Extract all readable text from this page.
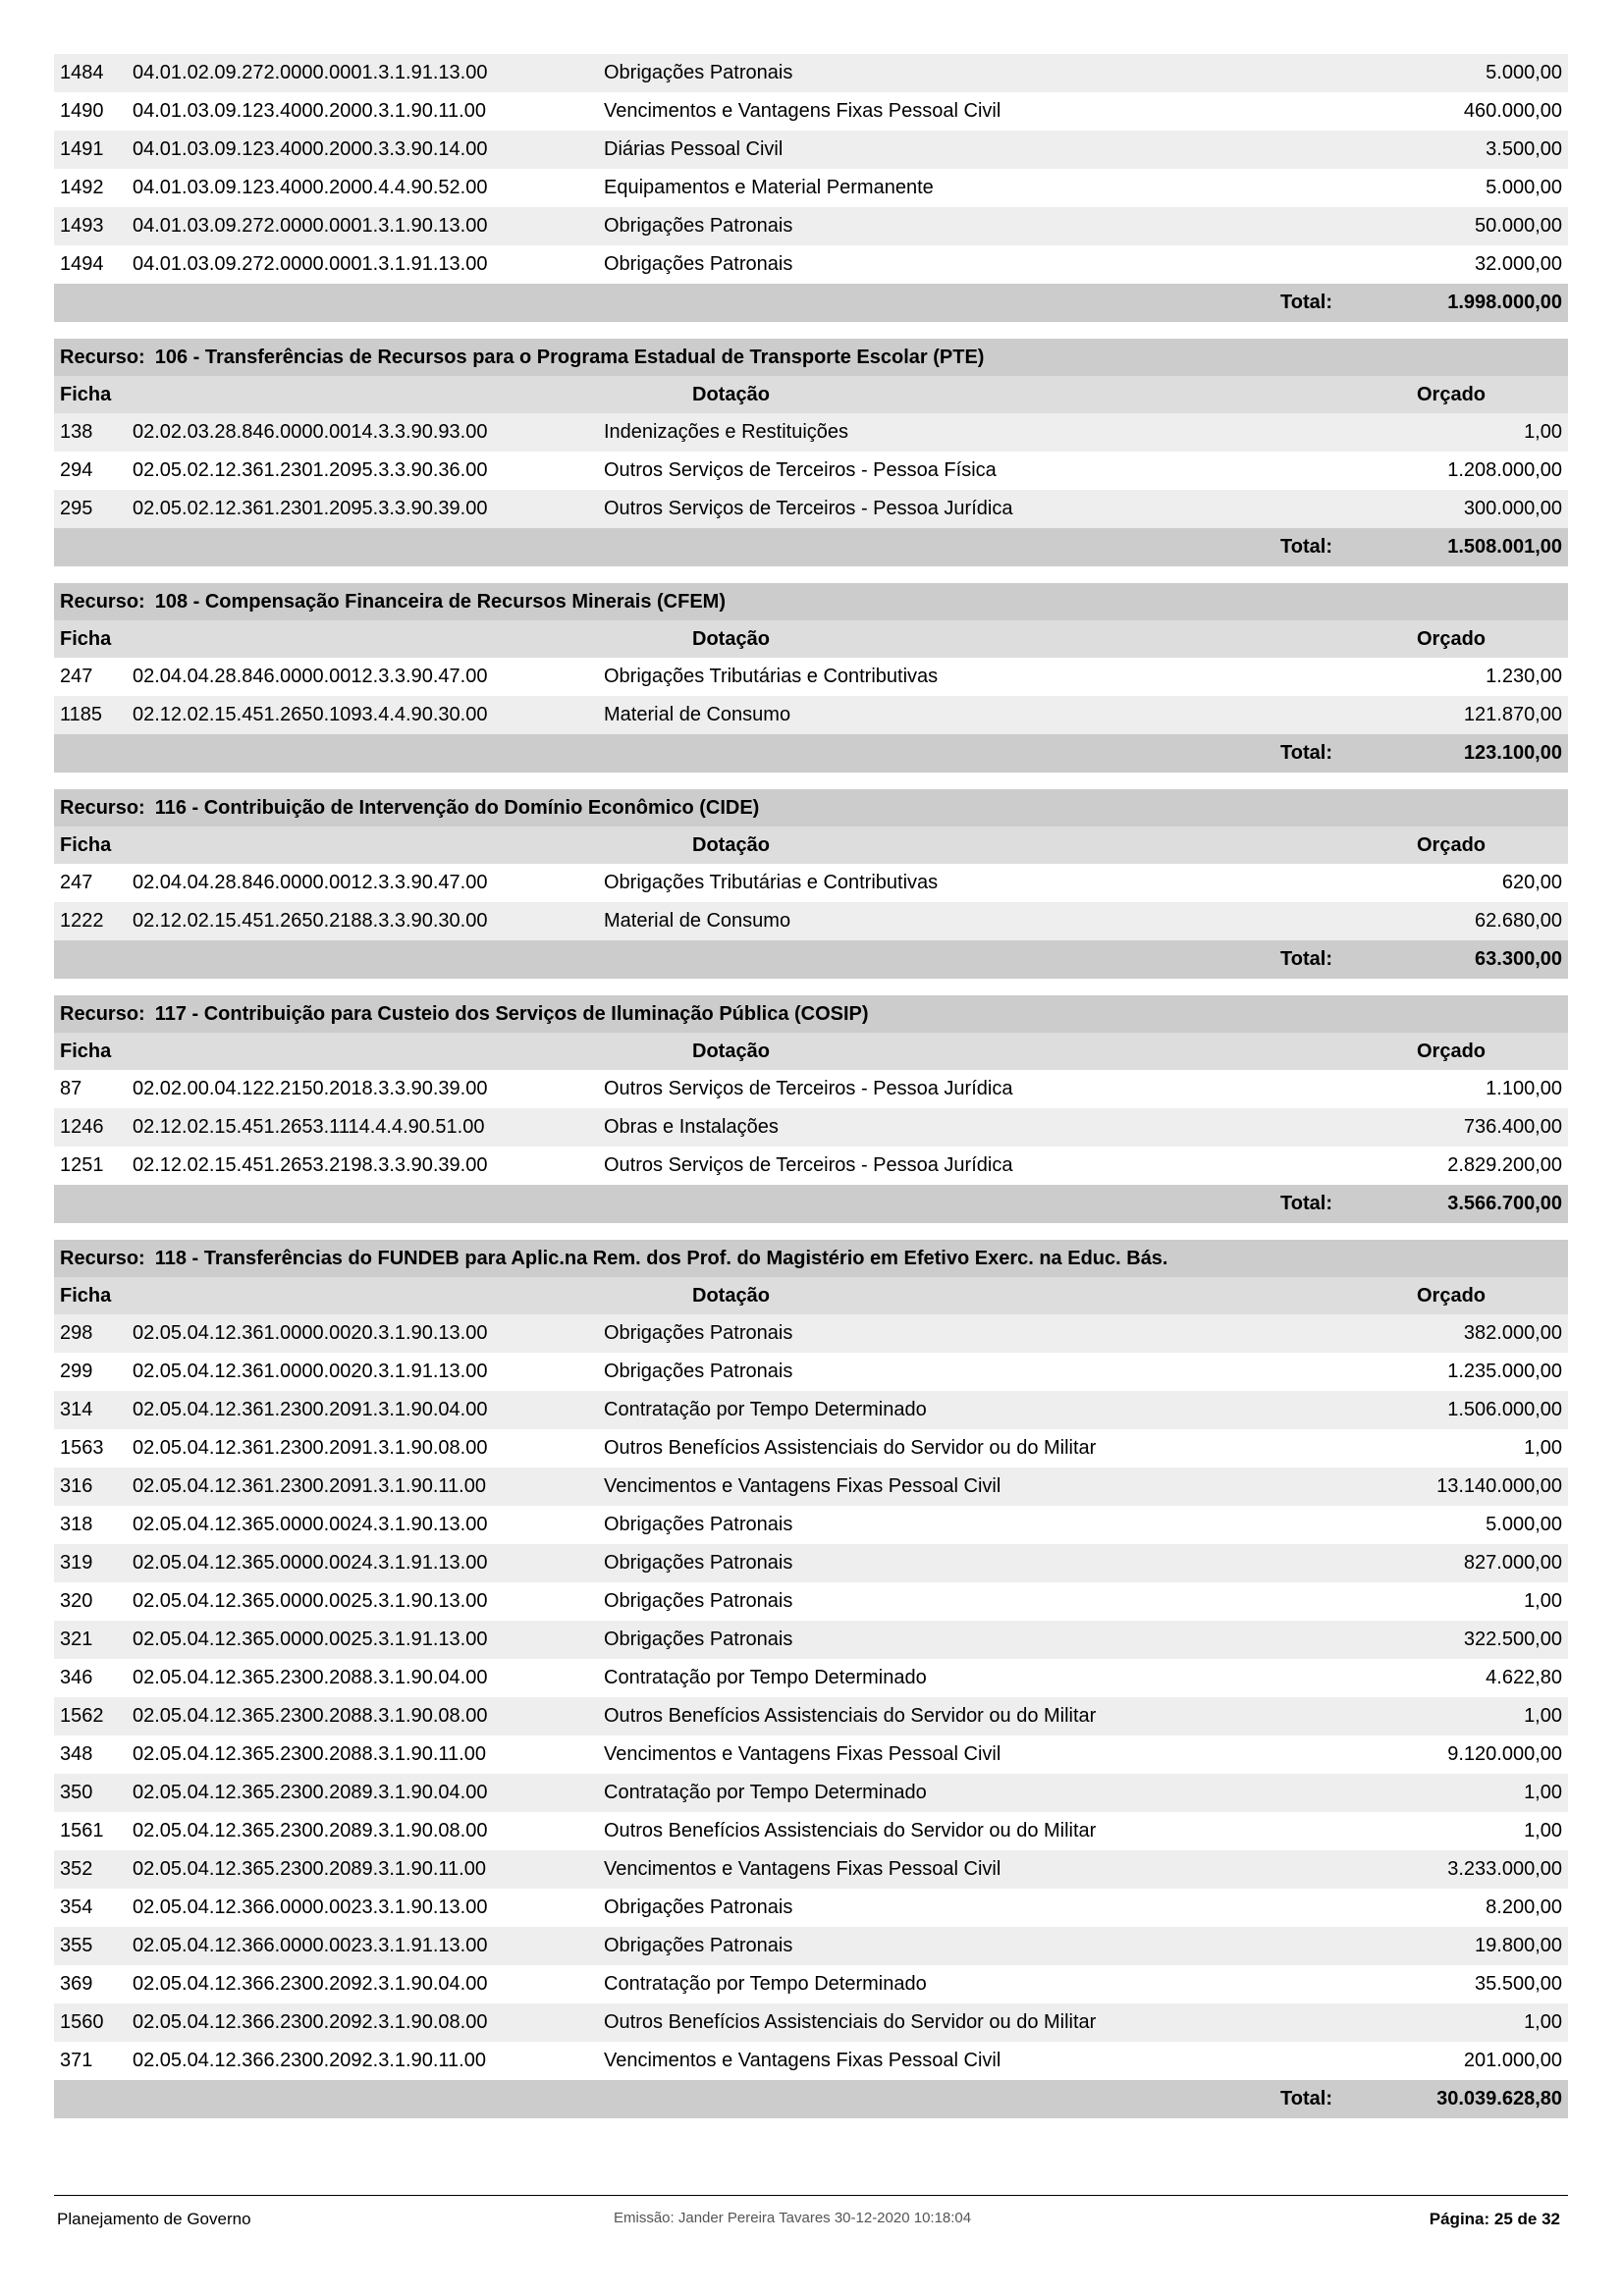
1484	04.01.02.09.272.0000.0001.3.1.91.13.00	Obrigações Patronais	5.000,00
1490	04.01.03.09.123.4000.2000.3.1.90.11.00	Vencimentos e Vantagens Fixas Pessoal Civil	460.000,00
1491	04.01.03.09.123.4000.2000.3.3.90.14.00	Diárias Pessoal Civil	3.500,00
1492	04.01.03.09.123.4000.2000.4.4.90.52.00	Equipamentos e Material Permanente	5.000,00
1493	04.01.03.09.272.0000.0001.3.1.90.13.00	Obrigações Patronais	50.000,00
1494	04.01.03.09.272.0000.0001.3.1.91.13.00	Obrigações Patronais	32.000,00
Total:	1.998.000,00
Recurso: 106 - Transferências de Recursos para o Programa Estadual de Transporte Escolar (PTE)
Ficha	Dotação	Orçado
138	02.02.03.28.846.0000.0014.3.3.90.93.00	Indenizações e Restituições	1,00
294	02.05.02.12.361.2301.2095.3.3.90.36.00	Outros Serviços de Terceiros - Pessoa Física	1.208.000,00
295	02.05.02.12.361.2301.2095.3.3.90.39.00	Outros Serviços de Terceiros - Pessoa Jurídica	300.000,00
Total:	1.508.001,00
Recurso: 108 - Compensação Financeira de Recursos Minerais (CFEM)
Ficha	Dotação	Orçado
247	02.04.04.28.846.0000.0012.3.3.90.47.00	Obrigações Tributárias e Contributivas	1.230,00
1185	02.12.02.15.451.2650.1093.4.4.90.30.00	Material de Consumo	121.870,00
Total:	123.100,00
Recurso: 116 - Contribuição de Intervenção do Domínio Econômico (CIDE)
Ficha	Dotação	Orçado
247	02.04.04.28.846.0000.0012.3.3.90.47.00	Obrigações Tributárias e Contributivas	620,00
1222	02.12.02.15.451.2650.2188.3.3.90.30.00	Material de Consumo	62.680,00
Total:	63.300,00
Recurso: 117 - Contribuição para Custeio dos Serviços de Iluminação Pública (COSIP)
Ficha	Dotação	Orçado
87	02.02.00.04.122.2150.2018.3.3.90.39.00	Outros Serviços de Terceiros - Pessoa Jurídica	1.100,00
1246	02.12.02.15.451.2653.1114.4.4.90.51.00	Obras e Instalações	736.400,00
1251	02.12.02.15.451.2653.2198.3.3.90.39.00	Outros Serviços de Terceiros - Pessoa Jurídica	2.829.200,00
Total:	3.566.700,00
Recurso: 118 - Transferências do FUNDEB para Aplic.na Rem. dos Prof. do Magistério em Efetivo Exerc. na Educ. Bás.
Ficha	Dotação	Orçado
298	02.05.04.12.361.0000.0020.3.1.90.13.00	Obrigações Patronais	382.000,00
299	02.05.04.12.361.0000.0020.3.1.91.13.00	Obrigações Patronais	1.235.000,00
314	02.05.04.12.361.2300.2091.3.1.90.04.00	Contratação por Tempo Determinado	1.506.000,00
1563	02.05.04.12.361.2300.2091.3.1.90.08.00	Outros Benefícios Assistenciais do Servidor ou do Militar	1,00
316	02.05.04.12.361.2300.2091.3.1.90.11.00	Vencimentos e Vantagens Fixas Pessoal Civil	13.140.000,00
318	02.05.04.12.365.0000.0024.3.1.90.13.00	Obrigações Patronais	5.000,00
319	02.05.04.12.365.0000.0024.3.1.91.13.00	Obrigações Patronais	827.000,00
320	02.05.04.12.365.0000.0025.3.1.90.13.00	Obrigações Patronais	1,00
321	02.05.04.12.365.0000.0025.3.1.91.13.00	Obrigações Patronais	322.500,00
346	02.05.04.12.365.2300.2088.3.1.90.04.00	Contratação por Tempo Determinado	4.622,80
1562	02.05.04.12.365.2300.2088.3.1.90.08.00	Outros Benefícios Assistenciais do Servidor ou do Militar	1,00
348	02.05.04.12.365.2300.2088.3.1.90.11.00	Vencimentos e Vantagens Fixas Pessoal Civil	9.120.000,00
350	02.05.04.12.365.2300.2089.3.1.90.04.00	Contratação por Tempo Determinado	1,00
1561	02.05.04.12.365.2300.2089.3.1.90.08.00	Outros Benefícios Assistenciais do Servidor ou do Militar	1,00
352	02.05.04.12.365.2300.2089.3.1.90.11.00	Vencimentos e Vantagens Fixas Pessoal Civil	3.233.000,00
354	02.05.04.12.366.0000.0023.3.1.90.13.00	Obrigações Patronais	8.200,00
355	02.05.04.12.366.0000.0023.3.1.91.13.00	Obrigações Patronais	19.800,00
369	02.05.04.12.366.2300.2092.3.1.90.04.00	Contratação por Tempo Determinado	35.500,00
1560	02.05.04.12.366.2300.2092.3.1.90.08.00	Outros Benefícios Assistenciais do Servidor ou do Militar	1,00
371	02.05.04.12.366.2300.2092.3.1.90.11.00	Vencimentos e Vantagens Fixas Pessoal Civil	201.000,00
Total:	30.039.628,80
Planejamento de Governo	Emissão: Jander Pereira Tavares 30-12-2020 10:18:04	Página: 25 de 32
